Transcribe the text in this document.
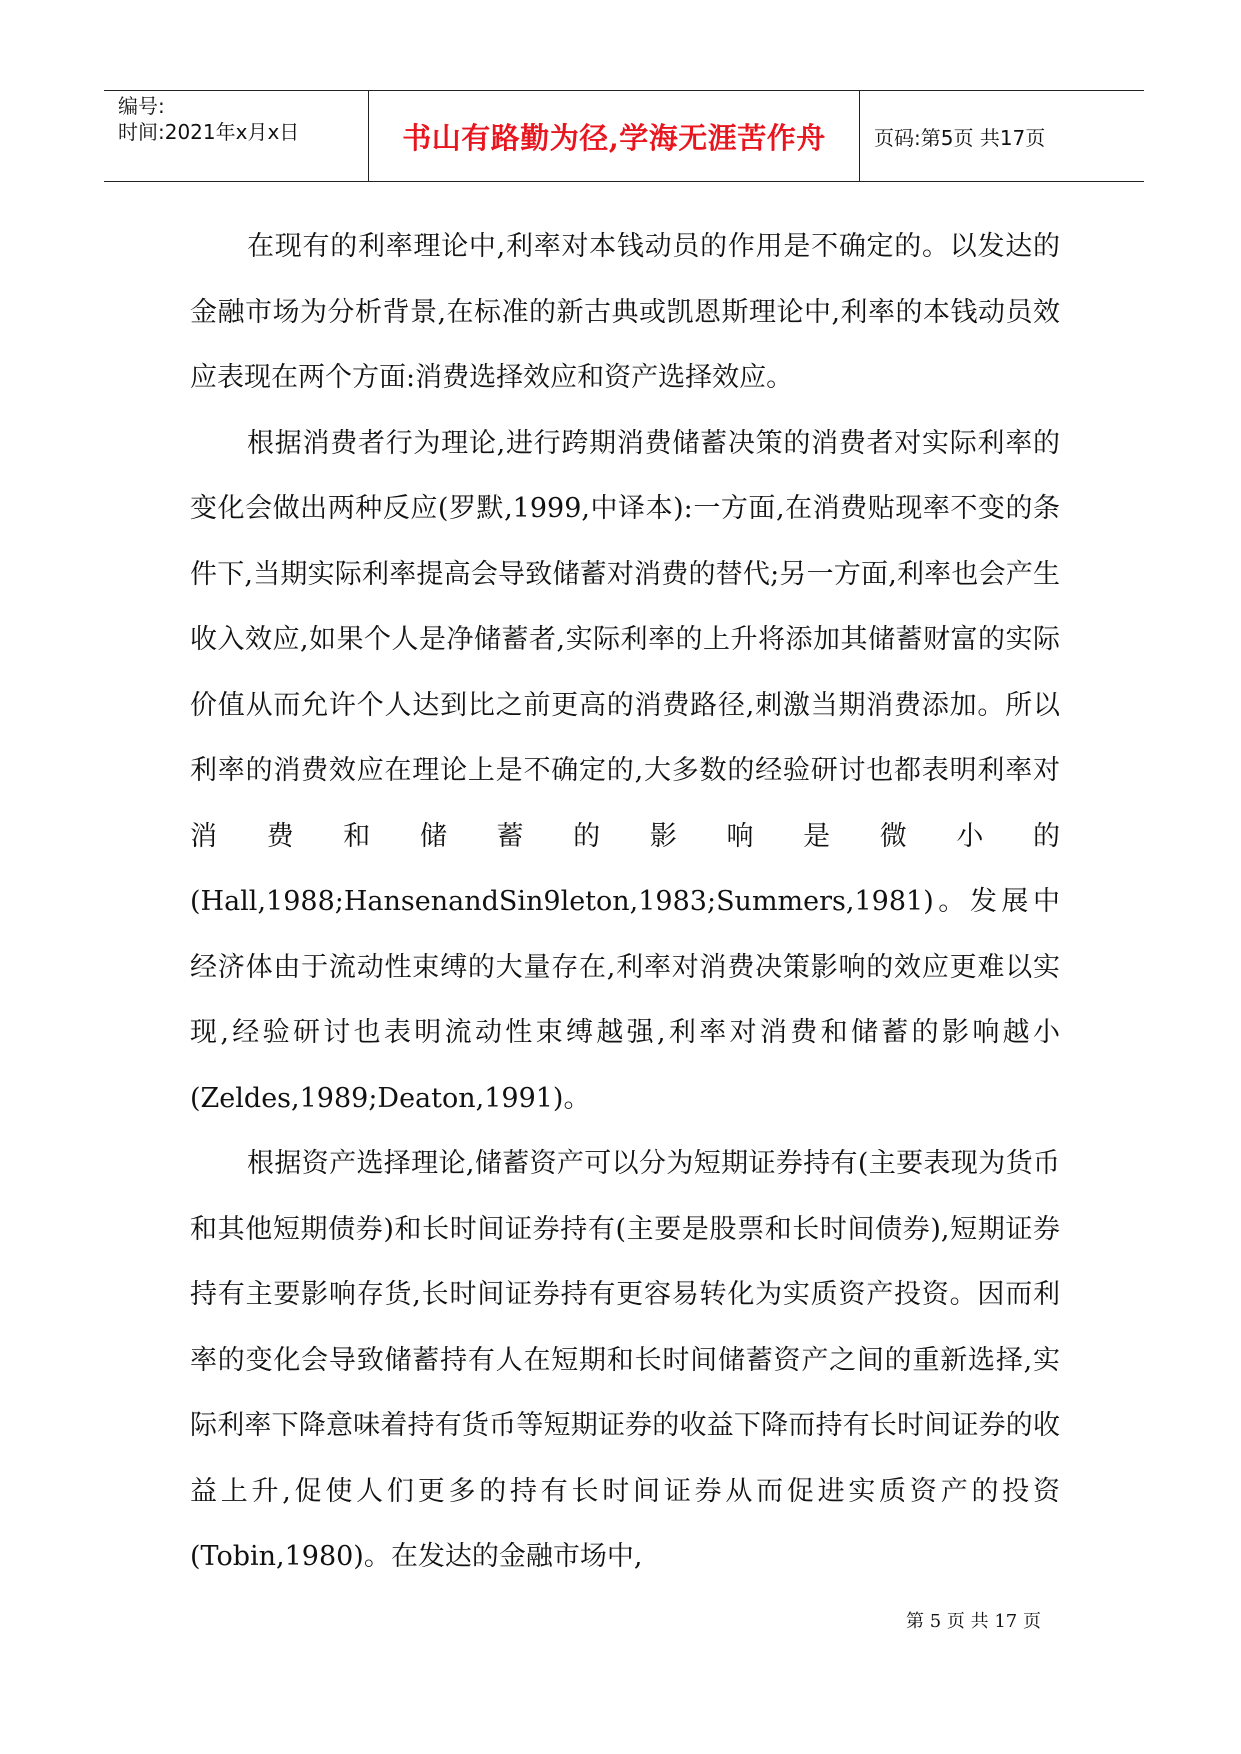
编号:
时间:2021年x月x日	书山有路勤为径,学海无涯苦作舟 页码:第5页 共17页

在现有的利率理论中,利率对本钱动员的作用是不确定的。以发达的金融市场为分析背景,在标准的新古典或凯恩斯理论中,利率的本钱动员效应表现在两个方面:消费选择效应和资产选择效应。

根据消费者行为理论,进行跨期消费储蓄决策的消费者对实际利率的变化会做出两种反应(罗默,1999,中译本):一方面,在消费贴现率不变的条件下,当期实际利率提高会导致储蓄对消费的替代;另一方面,利率也会产生收入效应,如果个人是净储蓄者,实际利率的上升将添加其储蓄财富的实际价值从而允许个人达到比之前更高的消费路径,刺激当期消费添加。所以利率的消费效应在理论上是不确定的,大多数的经验研讨也都表明利率对消费和储蓄的影响是微小的(Hall,1988;HansenandSin9leton,1983;Summers,1981)。发展中经济体由于流动性束缚的大量存在,利率对消费决策影响的效应更难以实现,经验研讨也表明流动性束缚越强,利率对消费和储蓄的影响越小(Zeldes,1989;Deaton,1991)。

根据资产选择理论,储蓄资产可以分为短期证券持有(主要表现为货币和其他短期债券)和长时间证券持有(主要是股票和长时间债券),短期证券持有主要影响存货,长时间证券持有更容易转化为实质资产投资。因而利率的变化会导致储蓄持有人在短期和长时间储蓄资产之间的重新选择,实际利率下降意味着持有货币等短期证券的收益下降而持有长时间证券的收益上升,促使人们更多的持有长时间证券从而促进实质资产的投资(Tobin,1980)。在发达的金融市场中,

第 5 页 共 17 页
